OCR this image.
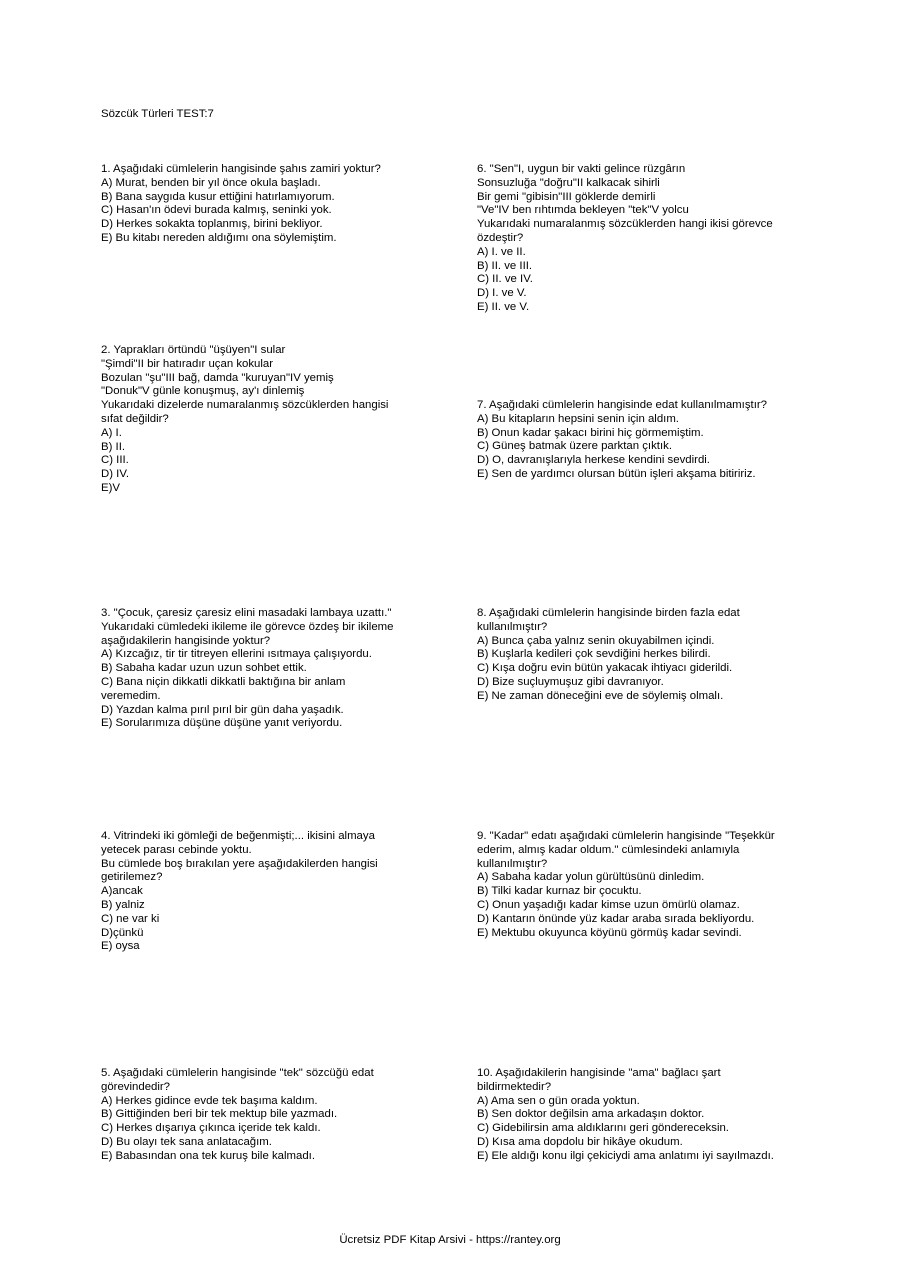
Sözcük Türleri TEST:7
1. Aşağıdaki cümlelerin hangisinde şahıs zamiri yoktur?
A) Murat, benden bir yıl önce okula başladı.
B) Bana saygıda kusur ettiğini hatırlamıyorum.
C) Hasan'ın ödevi burada kalmış, seninki yok.
D) Herkes sokakta toplanmış, birini bekliyor.
E) Bu kitabı nereden aldığımı ona söylemiştim.
2. Yaprakları örtündü "üşüyen"I sular
"Şimdi"II bir hatıradır uçan kokular
Bozulan "şu"III bağ, damda "kuruyan"IV yemiş
"Donuk"V günle konuşmuş, ay'ı dinlemiş
Yukarıdaki dizelerde numaralanmış sözcüklerden hangisi
sıfat değildir?
A) I.
B) II.
C) III.
D) IV.
E)V
3. "Çocuk, çaresiz çaresiz elini masadaki lambaya uzattı."
Yukarıdaki cümledeki ikileme ile görevce özdeş bir ikileme
aşağıdakilerin hangisinde yoktur?
A) Kızcağız, tir tir titreyen ellerini ısıtmaya çalışıyordu.
B) Sabaha kadar uzun uzun sohbet ettik.
C) Bana niçin dikkatli dikkatli baktığına bir anlam
veremedim.
D) Yazdan kalma pırıl pırıl bir gün daha yaşadık.
E) Sorularımıza düşüne düşüne yanıt veriyordu.
4. Vitrindeki iki gömleği de beğenmişti;... ikisini almaya
yetecek parası cebinde yoktu.
Bu cümlede boş bırakılan yere aşağıdakilerden hangisi
getirilemez?
A)ancak
B) yalniz
C) ne var ki
D)çünkü
E) oysa
5. Aşağıdaki cümlelerin hangisinde "tek" sözcüğü edat
görevindedir?
A) Herkes gidince evde tek başıma kaldım.
B) Gittiğinden beri bir tek mektup bile yazmadı.
C) Herkes dışarıya çıkınca içeride tek kaldı.
D) Bu olayı tek sana anlatacağım.
E) Babasından ona tek kuruş bile kalmadı.
6. "Sen"I, uygun bir vakti gelince rüzgârın
Sonsuzluğa "doğru"II kalkacak sihirli
Bir gemi "gibisin"III göklerde demirli
"Ve"IV ben rıhtımda bekleyen "tek"V yolcu
Yukarıdaki numaralanmış sözcüklerden hangi ikisi görevce
özdeştir?
A) I. ve II.
B) II. ve III.
C) II. ve IV.
D) I. ve V.
E) II. ve V.
7. Aşağıdaki cümlelerin hangisinde edat kullanılmamıştır?
A) Bu kitapların hepsini senin için aldım.
B) Onun kadar şakacı birini hiç görmemiştim.
C) Güneş batmak üzere parktan çıktık.
D) O, davranışlarıyla herkese kendini sevdirdi.
E) Sen de yardımcı olursan bütün işleri akşama bitiririz.
8. Aşağıdaki cümlelerin hangisinde birden fazla edat
kullanılmıştır?
A) Bunca çaba yalnız senin okuyabilmen içindi.
B) Kuşlarla kedileri çok sevdiğini herkes bilirdi.
C) Kışa doğru evin bütün yakacak ihtiyacı giderildi.
D) Bize suçluymuşuz gibi davranıyor.
E) Ne zaman döneceğini eve de söylemiş olmalı.
9. "Kadar" edatı aşağıdaki cümlelerin hangisinde "Teşekkür
ederim, almış kadar oldum." cümlesindeki anlamıyla
kullanılmıştır?
A) Sabaha kadar yolun gürültüsünü dinledim.
B) Tilki kadar kurnaz bir çocuktu.
C) Onun yaşadığı kadar kimse uzun ömürlü olamaz.
D) Kantarın önünde yüz kadar araba sırada bekliyordu.
E) Mektubu okuyunca köyünü görmüş kadar sevindi.
10. Aşağıdakilerin hangisinde "ama" bağlacı şart
bildirmektedir?
A) Ama sen o gün orada yoktun.
B) Sen doktor değilsin ama arkadaşın doktor.
C) Gidebilirsin ama aldıklarını geri göndereceksin.
D) Kısa ama dopdolu bir hikâye okudum.
E) Ele aldığı konu ilgi çekiciydi ama anlatımı iyi sayılmazdı.
Ücretsiz PDF Kitap Arsivi - https://rantey.org
